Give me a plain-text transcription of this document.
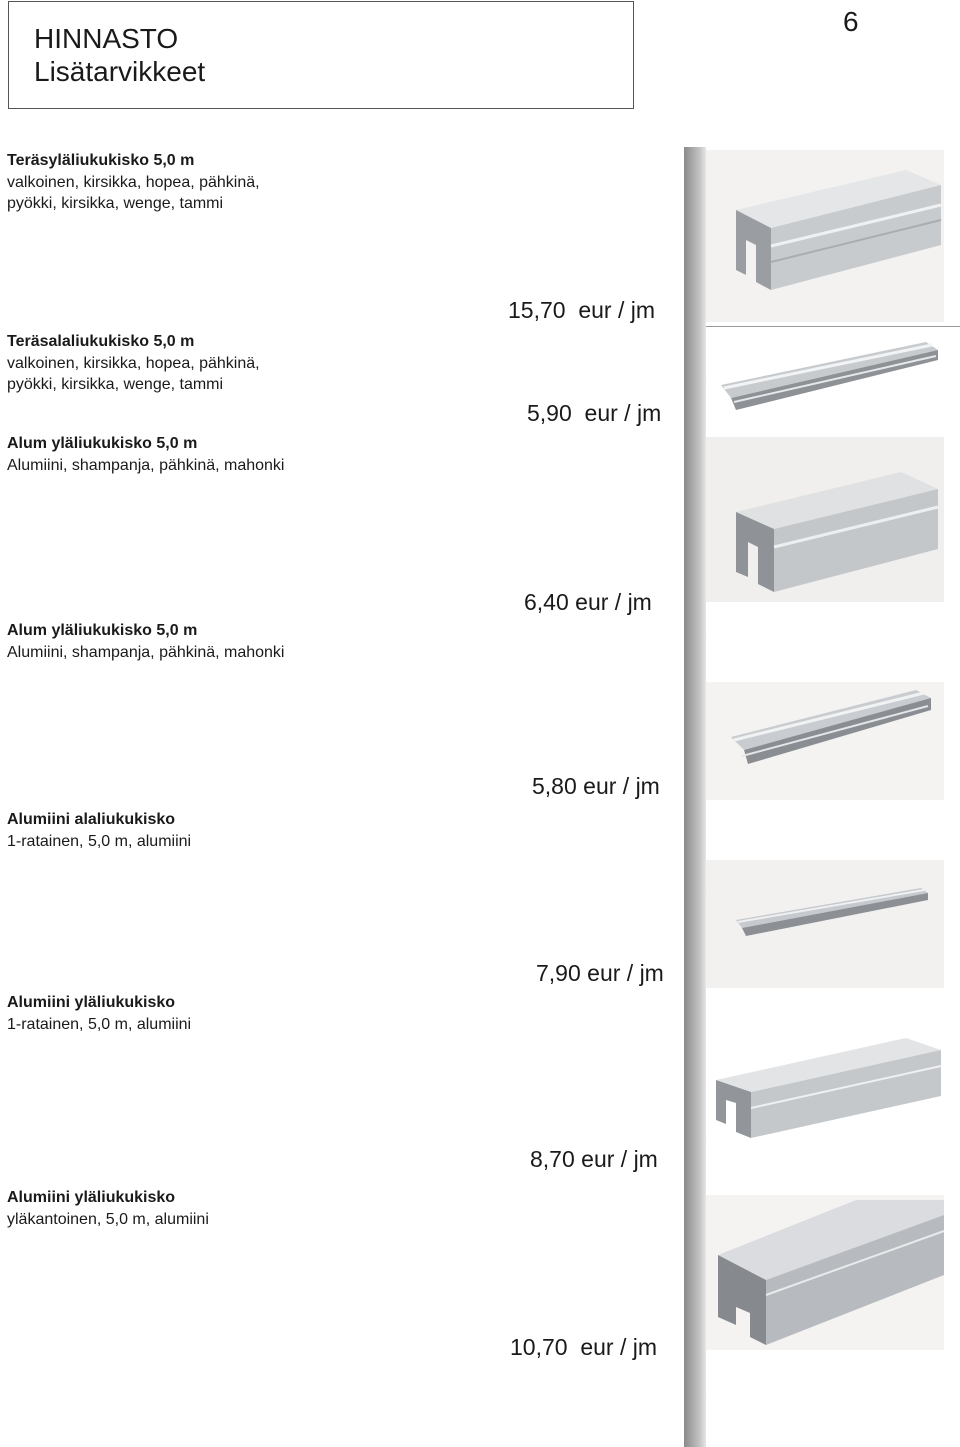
HINNASTO
Lisätarvikkeet
6
Teräsyläliukukisko 5,0 m
valkoinen, kirsikka, hopea, pähkinä,
pyökki, kirsikka, wenge, tammi
Teräsalaliukukisko 5,0 m
valkoinen, kirsikka, hopea, pähkinä,
pyökki, kirsikka, wenge, tammi
Alum yläliukukisko 5,0 m
Alumiini, shampanja, pähkinä, mahonki
Alum yläliukukisko 5,0 m
Alumiini, shampanja, pähkinä, mahonki
Alumiini alaliukukisko
1-ratainen, 5,0 m, alumiini
Alumiini yläliukukisko
1-ratainen, 5,0 m, alumiini
Alumiini yläliukukisko
yläkantoinen, 5,0 m, alumiini
15,70  eur / jm
5,90  eur / jm
6,40 eur / jm
5,80 eur / jm
7,90 eur / jm
8,70 eur / jm
10,70  eur / jm
